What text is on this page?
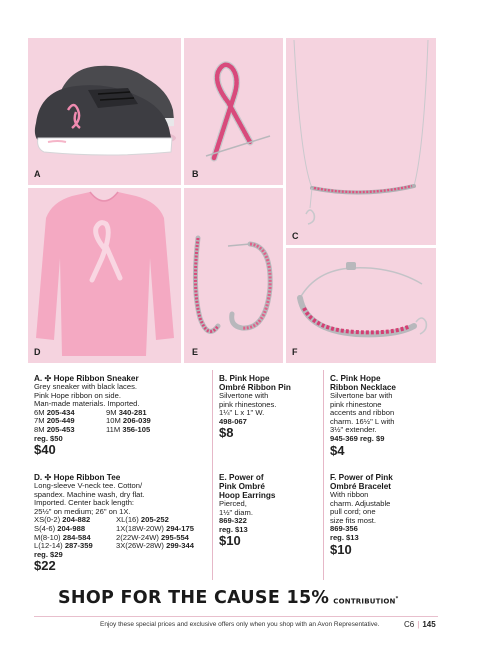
A	B
C
D	E	F
A. ✣ Hope Ribbon Sneaker
Grey sneaker with black laces.
Pink Hope ribbon on side.
Man-made materials. Imported.
6M 205-434	9M 340-281
7M 205-449	10M 206-039
8M 205-453	11M 356-105
reg. $50
$40
D. ✣ Hope Ribbon Tee
Long-sleeve V-neck tee. Cotton/
spandex. Machine wash, dry flat.
Imported. Center back length:
25½" on medium; 26" on 1X.
XS(0-2) 204-882	XL(16) 205-252
S(4-6) 204-988	1X(18W-20W) 294-175
M(8-10) 284-584	2(22W-24W) 295-554
L(12-14) 287-359	3X(26W-28W) 299-344
reg. $29
$22
B. Pink Hope
Ombré Ribbon Pin
Silvertone with
pink rhinestones.
1¼" L x 1" W.
498-067
$8
E. Power of
Pink Ombré
Hoop Earrings
Pierced,
1½" diam.
869-322
reg. $13
$10
C. Pink Hope
Ribbon Necklace
Silvertone bar with
pink rhinestone
accents and ribbon
charm. 16½" L with
3½" extender.
945-369 reg. $9
$4
F. Power of Pink
Ombré Bracelet
With ribbon
charm. Adjustable
pull cord; one
size fits most.
869-356
reg. $13
$10
SHOP FOR THE CAUSE 15% CONTRIBUTION*
Enjoy these special prices and exclusive offers only when you shop with an Avon Representative.	C6 | 145
